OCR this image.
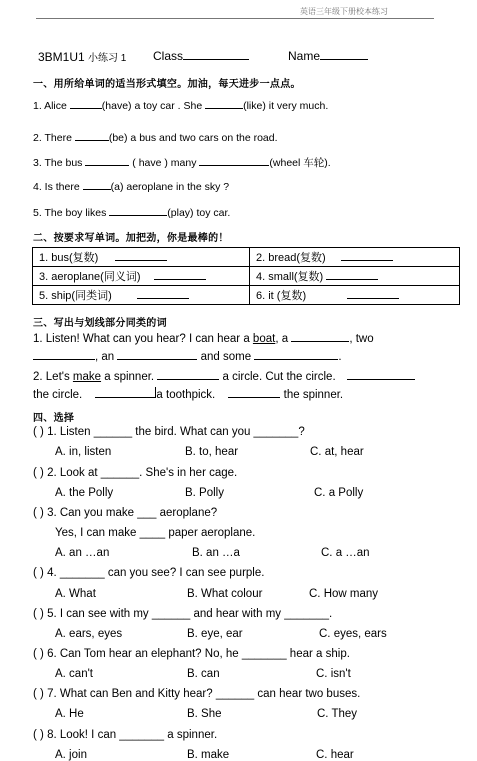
英语三年级下册校本练习
3BM1U1 小练习 1 Class	Name
一、用所给单词的适当形式填空。加油，每天进步一点点。
1. Alice	(have) a toy car . She	(like) it very much.
2. There	(be) a bus and two cars on the road.
3. The bus	( have ) many	(wheel 车轮).
4. Is there	(a) aeroplane in the sky ?
5. The boy likes	(play) toy car.
二、按要求写单词。加把劲，你是最棒的！
1. bus(复数)	2. bread(复数)
3. aeroplane(同义词)	4. small(复数)
5. ship(同类词)	6. it (复数)
三、写出与划线部分同类的词
1. Listen! What can you hear? I can hear a boat, a	, two
, an	and some	.
2. Let's make a spinner.	a circle. Cut the circle.
the circle.	a toothpick.	the spinner.
四、选择
( ) 1. Listen ______ the bird. What can you _______?
A. in, listen	B. to, hear	C. at, hear
( ) 2. Look at ______. She's in her cage.
A. the Polly	B. Polly	C. a Polly
( ) 3. Can you make ___ aeroplane?
Yes, I can make ____ paper aeroplane.
A. an …an	B. an …a	C. a …an
( ) 4. _______ can you see? I can see purple.
A. What	B. What colour	C. How many
( ) 5. I can see with my ______ and hear with my _______.
A. ears, eyes	B. eye, ear	C. eyes, ears
( ) 6. Can Tom hear an elephant? No, he _______ hear a ship.
A. can't	B. can	C. isn't
( ) 7. What can Ben and Kitty hear? ______ can hear two buses.
A. He	B. She	C. They
( ) 8. Look! I can _______ a spinner.
A. join	B. make	C. hear
